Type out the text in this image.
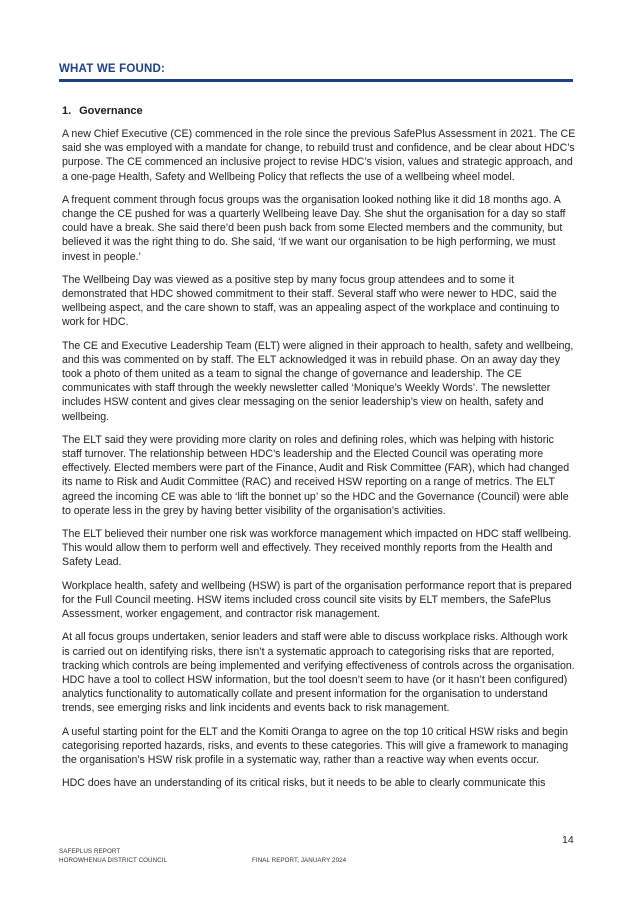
WHAT WE FOUND:
1. Governance

A new Chief Executive (CE) commenced in the role since the previous SafePlus Assessment in 2021. The CE said she was employed with a mandate for change, to rebuild trust and confidence, and be clear about HDC’s purpose. The CE commenced an inclusive project to revise HDC’s vision, values and strategic approach, and a one-page Health, Safety and Wellbeing Policy that reflects the use of a wellbeing wheel model.

A frequent comment through focus groups was the organisation looked nothing like it did 18 months ago. A change the CE pushed for was a quarterly Wellbeing leave Day. She shut the organisation for a day so staff could have a break. She said there’d been push back from some Elected members and the community, but believed it was the right thing to do. She said, ‘If we want our organisation to be high performing, we must invest in people.’

The Wellbeing Day was viewed as a positive step by many focus group attendees and to some it demonstrated that HDC showed commitment to their staff. Several staff who were newer to HDC, said the wellbeing aspect, and the care shown to staff, was an appealing aspect of the workplace and continuing to work for HDC.

The CE and Executive Leadership Team (ELT) were aligned in their approach to health, safety and wellbeing, and this was commented on by staff. The ELT acknowledged it was in rebuild phase. On an away day they took a photo of them united as a team to signal the change of governance and leadership. The CE communicates with staff through the weekly newsletter called ‘Monique’s Weekly Words’. The newsletter includes HSW content and gives clear messaging on the senior leadership’s view on health, safety and wellbeing.

The ELT said they were providing more clarity on roles and defining roles, which was helping with historic staff turnover. The relationship between HDC’s leadership and the Elected Council was operating more effectively. Elected members were part of the Finance, Audit and Risk Committee (FAR), which had changed its name to Risk and Audit Committee (RAC) and received HSW reporting on a range of metrics. The ELT agreed the incoming CE was able to ‘lift the bonnet up’ so the HDC and the Governance (Council) were able to operate less in the grey by having better visibility of the organisation’s activities.

The ELT believed their number one risk was workforce management which impacted on HDC staff wellbeing. This would allow them to perform well and effectively. They received monthly reports from the Health and Safety Lead.

Workplace health, safety and wellbeing (HSW) is part of the organisation performance report that is prepared for the Full Council meeting. HSW items included cross council site visits by ELT members, the SafePlus Assessment, worker engagement, and contractor risk management.

At all focus groups undertaken, senior leaders and staff were able to discuss workplace risks. Although work is carried out on identifying risks, there isn’t a systematic approach to categorising risks that are reported, tracking which controls are being implemented and verifying effectiveness of controls across the organisation. HDC have a tool to collect HSW information, but the tool doesn’t seem to have (or it hasn’t been configured) analytics functionality to automatically collate and present information for the organisation to understand trends, see emerging risks and link incidents and events back to risk management.

A useful starting point for the ELT and the Komiti Oranga to agree on the top 10 critical HSW risks and begin categorising reported hazards, risks, and events to these categories. This will give a framework to managing the organisation’s HSW risk profile in a systematic way, rather than a reactive way when events occur.

HDC does have an understanding of its critical risks, but it needs to be able to clearly communicate this

14
SAFEPLUS REPORT
HOROWHENUA DISTRICT COUNCIL	FINAL REPORT, JANUARY 2024
